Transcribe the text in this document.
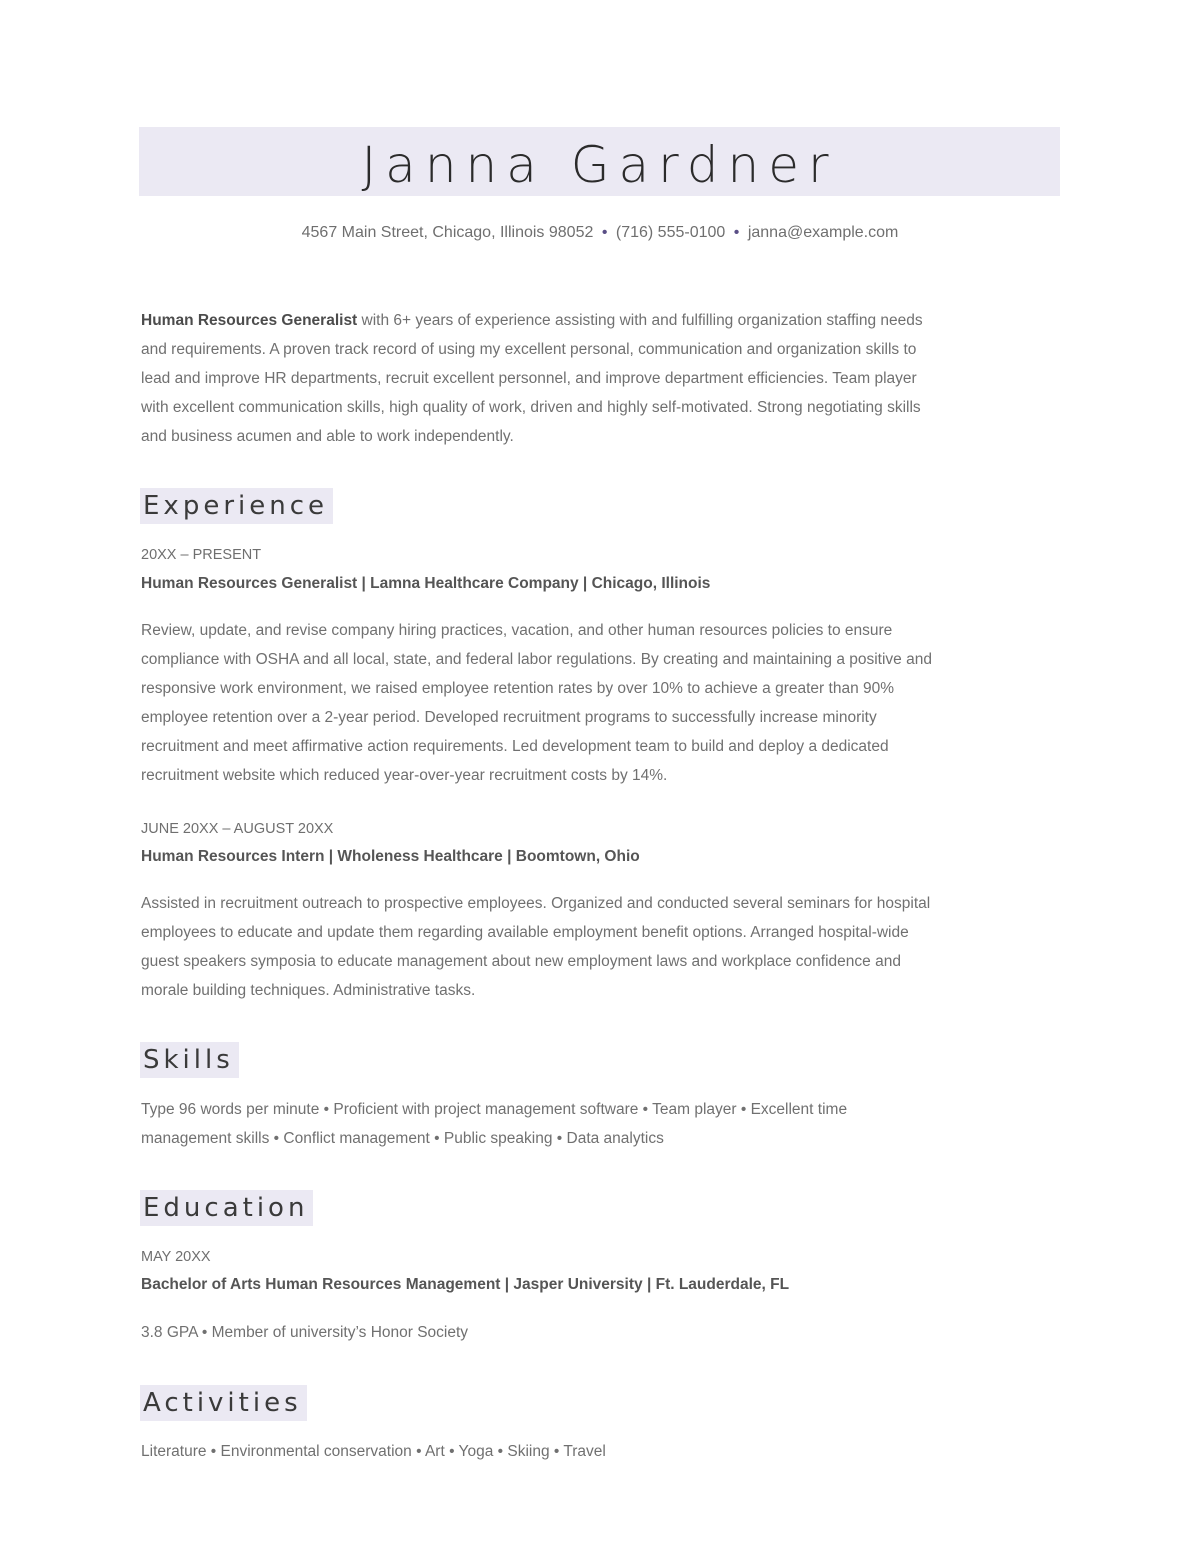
Janna Gardner
4567 Main Street, Chicago, Illinois 98052 • (716) 555-0100 • janna@example.com
Human Resources Generalist with 6+ years of experience assisting with and fulfilling organization staffing needs
and requirements. A proven track record of using my excellent personal, communication and organization skills to
lead and improve HR departments, recruit excellent personnel, and improve department efficiencies. Team player
with excellent communication skills, high quality of work, driven and highly self-motivated. Strong negotiating skills
and business acumen and able to work independently.
Experience
20XX – PRESENT
Human Resources Generalist | Lamna Healthcare Company | Chicago, Illinois
Review, update, and revise company hiring practices, vacation, and other human resources policies to ensure
compliance with OSHA and all local, state, and federal labor regulations. By creating and maintaining a positive and
responsive work environment, we raised employee retention rates by over 10% to achieve a greater than 90%
employee retention over a 2-year period. Developed recruitment programs to successfully increase minority
recruitment and meet affirmative action requirements. Led development team to build and deploy a dedicated
recruitment website which reduced year-over-year recruitment costs by 14%.
JUNE 20XX – AUGUST 20XX
Human Resources Intern | Wholeness Healthcare | Boomtown, Ohio
Assisted in recruitment outreach to prospective employees. Organized and conducted several seminars for hospital
employees to educate and update them regarding available employment benefit options. Arranged hospital-wide
guest speakers symposia to educate management about new employment laws and workplace confidence and
morale building techniques. Administrative tasks.
Skills
Type 96 words per minute • Proficient with project management software • Team player • Excellent time
management skills • Conflict management • Public speaking • Data analytics
Education
MAY 20XX
Bachelor of Arts Human Resources Management | Jasper University | Ft. Lauderdale, FL
3.8 GPA • Member of university’s Honor Society
Activities
Literature • Environmental conservation • Art • Yoga • Skiing • Travel
